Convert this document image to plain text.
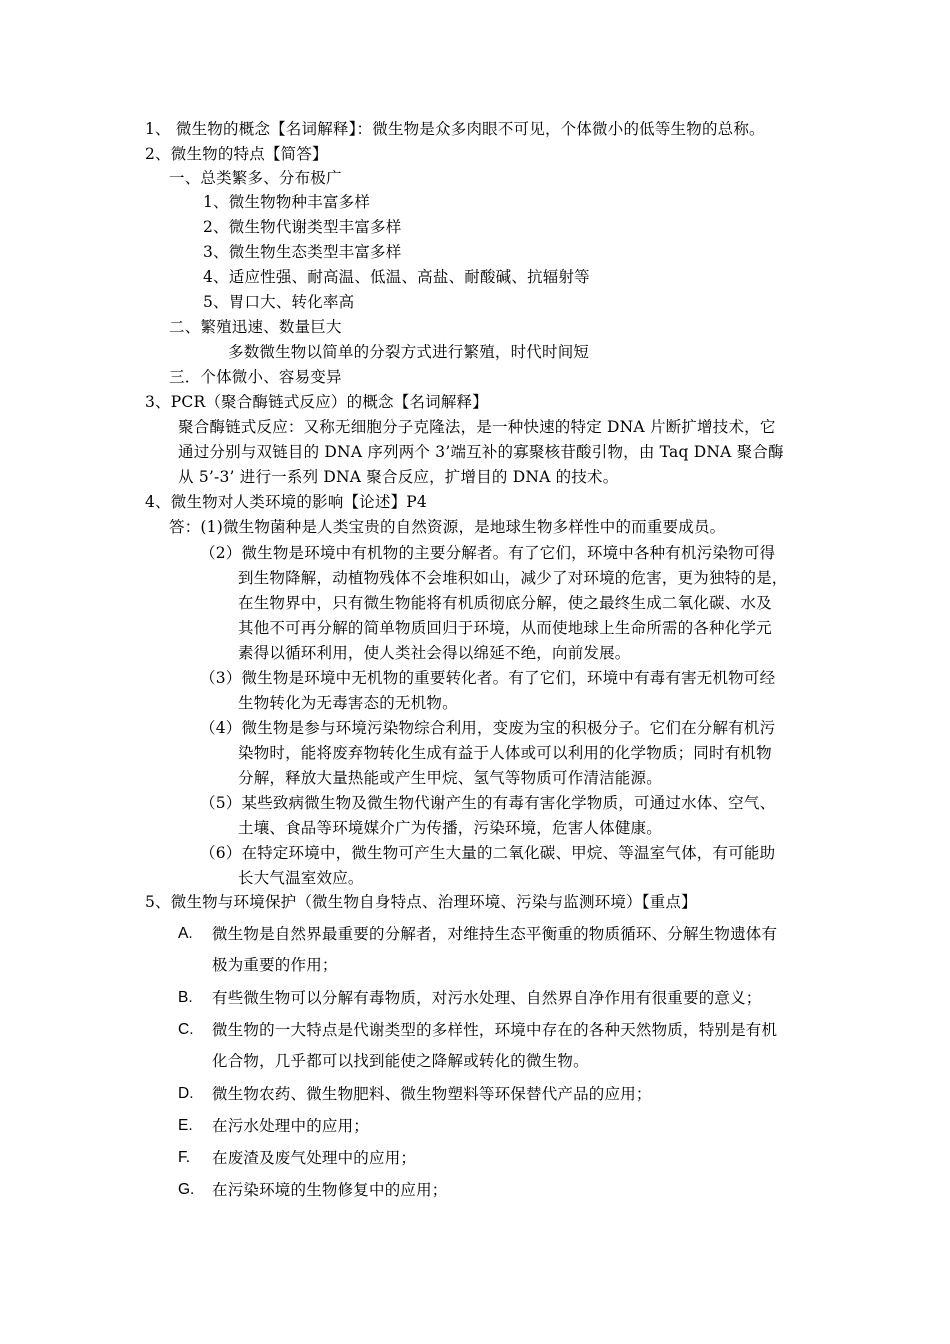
1、 微生物的概念【名词解释】：微生物是众多肉眼不可见，个体微小的低等生物的总称。
2、微生物的特点【简答】
一、总类繁多、分布极广
1、微生物物种丰富多样
2、微生物代谢类型丰富多样
3、微生物生态类型丰富多样
4、适应性强、耐高温、低温、高盐、耐酸碱、抗辐射等
5、胃口大、转化率高
二、繁殖迅速、数量巨大
多数微生物以简单的分裂方式进行繁殖，时代时间短
三．个体微小、容易变异
3、PCR（聚合酶链式反应）的概念【名词解释】
聚合酶链式反应：又称无细胞分子克隆法，是一种快速的特定 DNA 片断扩增技术，它
通过分别与双链目的 DNA 序列两个 3’端互补的寡聚核苷酸引物，由 Taq DNA 聚合酶
从 5’-3’ 进行一系列 DNA 聚合反应，扩增目的 DNA 的技术。
4、微生物对人类环境的影响【论述】P4
答：(1)微生物菌种是人类宝贵的自然资源，是地球生物多样性中的而重要成员。
（2）微生物是环境中有机物的主要分解者。有了它们，环境中各种有机污染物可得
到生物降解，动植物残体不会堆积如山，减少了对环境的危害，更为独特的是，
在生物界中，只有微生物能将有机质彻底分解，使之最终生成二氧化碳、水及
其他不可再分解的简单物质回归于环境，从而使地球上生命所需的各种化学元
素得以循环利用，使人类社会得以绵延不绝，向前发展。
（3）微生物是环境中无机物的重要转化者。有了它们，环境中有毒有害无机物可经
生物转化为无毒害态的无机物。
（4）微生物是参与环境污染物综合利用，变废为宝的积极分子。它们在分解有机污
染物时，能将废弃物转化生成有益于人体或可以利用的化学物质；同时有机物
分解，释放大量热能或产生甲烷、氢气等物质可作清洁能源。
（5）某些致病微生物及微生物代谢产生的有毒有害化学物质，可通过水体、空气、
土壤、食品等环境媒介广为传播，污染环境，危害人体健康。
（6）在特定环境中，微生物可产生大量的二氧化碳、甲烷、等温室气体，有可能助
长大气温室效应。
5、微生物与环境保护（微生物自身特点、治理环境、污染与监测环境）【重点】
A. 微生物是自然界最重要的分解者，对维持生态平衡重的物质循环、分解生物遗体有
极为重要的作用；
B. 有些微生物可以分解有毒物质，对污水处理、自然界自净作用有很重要的意义；
C. 微生物的一大特点是代谢类型的多样性，环境中存在的各种天然物质，特别是有机
化合物，几乎都可以找到能使之降解或转化的微生物。
D. 微生物农药、微生物肥料、微生物塑料等环保替代产品的应用；
E. 在污水处理中的应用；
F. 在废渣及废气处理中的应用；
G. 在污染环境的生物修复中的应用；
